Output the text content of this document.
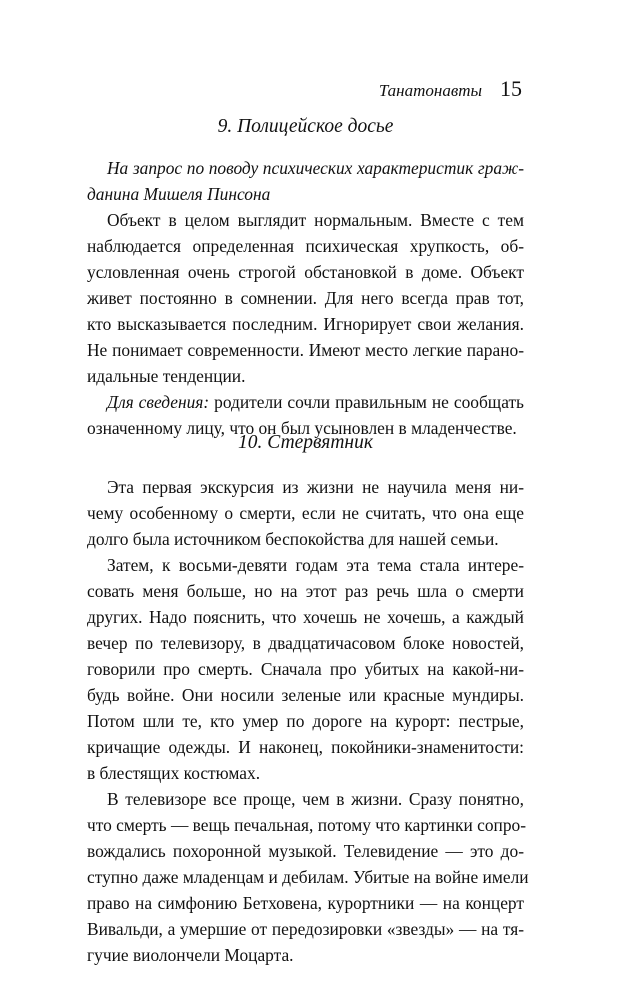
Танатонавты 15
9. Полицейское досье
На запрос по поводу психических характеристик граж-
данина Мишеля Пинсона
Объект в целом выглядит нормальным. Вместе с тем
наблюдается определенная психическая хрупкость, об-
условленная очень строгой обстановкой в доме. Объект
живет постоянно в сомнении. Для него всегда прав тот,
кто высказывается последним. Игнорирует свои желания.
Не понимает современности. Имеют место легкие парано-
идальные тенденции.
Для сведения: родители сочли правильным не сообщать
означенному лицу, что он был усыновлен в младенчестве.
10. Стервятник
Эта первая экскурсия из жизни не научила меня ни-
чему особенному о смерти, если не считать, что она еще
долго была источником беспокойства для нашей семьи.
Затем, к восьми-девяти годам эта тема стала интере-
совать меня больше, но на этот раз речь шла о смерти
других. Надо пояснить, что хочешь не хочешь, а каждый
вечер по телевизору, в двадцатичасовом блоке новостей,
говорили про смерть. Сначала про убитых на какой-ни-
будь войне. Они носили зеленые или красные мундиры.
Потом шли те, кто умер по дороге на курорт: пестрые,
кричащие одежды. И наконец, покойники-знаменитости:
в блестящих костюмах.
В телевизоре все проще, чем в жизни. Сразу понятно,
что смерть — вещь печальная, потому что картинки сопро-
вождались похоронной музыкой. Телевидение — это до-
ступно даже младенцам и дебилам. Убитые на войне имели
право на симфонию Бетховена, курортники — на концерт
Вивальди, а умершие от передозировки «звезды» — на тя-
гучие виолончели Моцарта.
